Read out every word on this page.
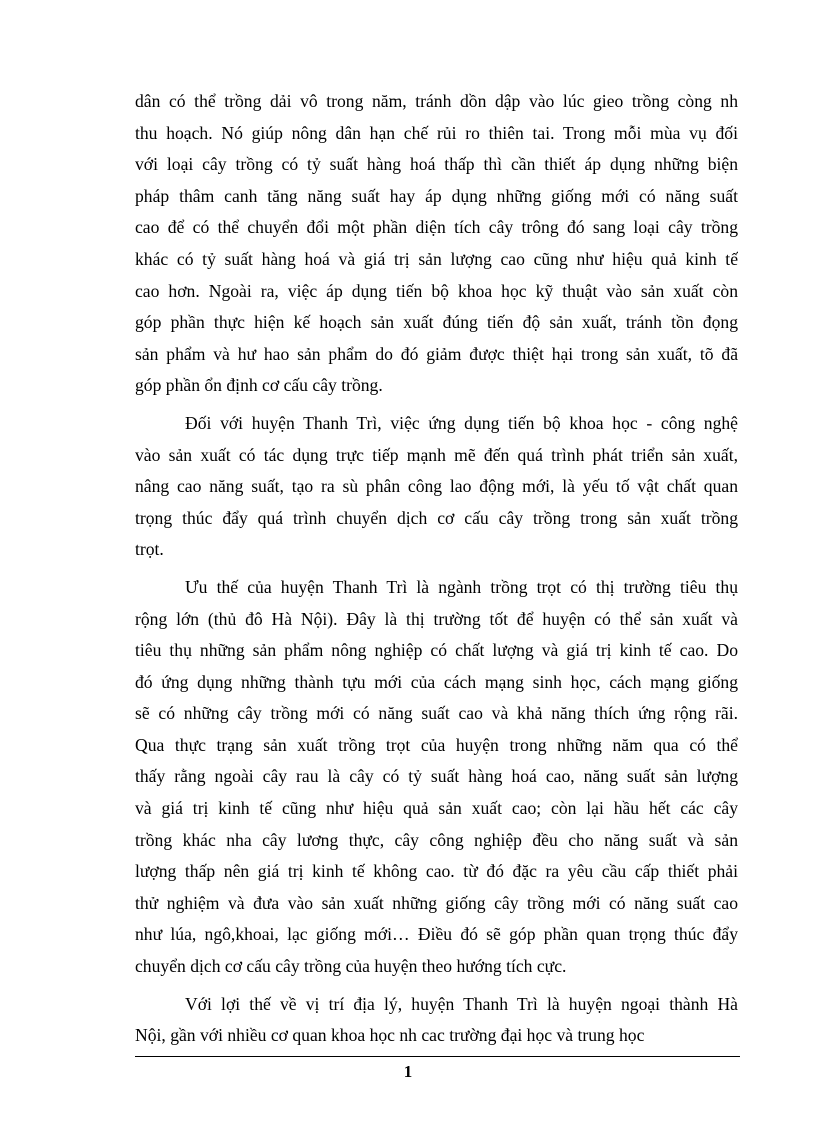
dân có thể trồng dải vô trong năm, tránh dồn dập vào lúc gieo trồng còng nh
thu hoạch. Nó giúp nông dân hạn chế rủi ro thiên tai. Trong mỗi mùa vụ đối
với loại cây trồng có tỷ suất hàng hoá thấp thì cần thiết áp dụng những biện
pháp thâm canh tăng năng suất hay áp dụng những giống mới có năng suất
cao để có thể chuyển đổi một phần diện tích cây trông đó sang loại cây trồng
khác có tỷ suất hàng hoá và giá trị sản lượng cao cũng như hiệu quả kinh tế
cao hơn. Ngoài ra, việc áp dụng tiến bộ khoa học kỹ thuật vào sản xuất còn
góp phần thực hiện kế hoạch sản xuất đúng tiến độ sản xuất, tránh tồn đọng
sản phẩm và hư hao sản phẩm do đó giảm được thiệt hại trong sản xuất, tõ đã
góp phần ổn định cơ cấu cây trồng.
Đối với huyện Thanh Trì, việc ứng dụng tiến bộ khoa học - công nghệ
vào sản xuất có tác dụng trực tiếp mạnh mẽ đến quá trình phát triển sản xuất,
nâng cao năng suất, tạo ra sù phân công lao động mới, là yếu tố vật chất quan
trọng thúc đẩy quá trình chuyển dịch cơ cấu cây trồng trong sản xuất trồng
trọt.
Ưu thế của huyện Thanh Trì là ngành trồng trọt có thị trường tiêu thụ
rộng lớn (thủ đô Hà Nội). Đây là thị trường tốt để huyện có thể sản xuất và
tiêu thụ những sản phẩm nông nghiệp có chất lượng và giá trị kinh tế cao. Do
đó ứng dụng những thành tựu mới của cách mạng sinh học, cách mạng giống
sẽ có những cây trồng mới có năng suất cao và khả năng thích ứng rộng rãi.
Qua thực trạng sản xuất trồng trọt của huyện trong những năm qua có thể
thấy rằng ngoài cây rau là cây có tỷ suất hàng hoá cao, năng suất sản lượng
và giá trị kinh tế cũng như hiệu quả sản xuất cao; còn lại hầu hết các cây
trồng khác nha cây lương thực, cây công nghiệp đều cho năng suất và sản
lượng thấp nên giá trị kinh tế không cao. từ đó đặc ra yêu cầu cấp thiết phải
thử nghiệm và đưa vào sản xuất những giống cây trồng mới có năng suất cao
như lúa, ngô,khoai, lạc giống mới… Điều đó sẽ góp phần quan trọng thúc đẩy
chuyển dịch cơ cấu cây trồng của huyện theo hướng tích cực.
Với lợi thế về vị trí địa lý, huyện Thanh Trì là huyện ngoại thành Hà
Nội, gần với nhiều cơ quan khoa học nh cac trường đại học và trung học
1
